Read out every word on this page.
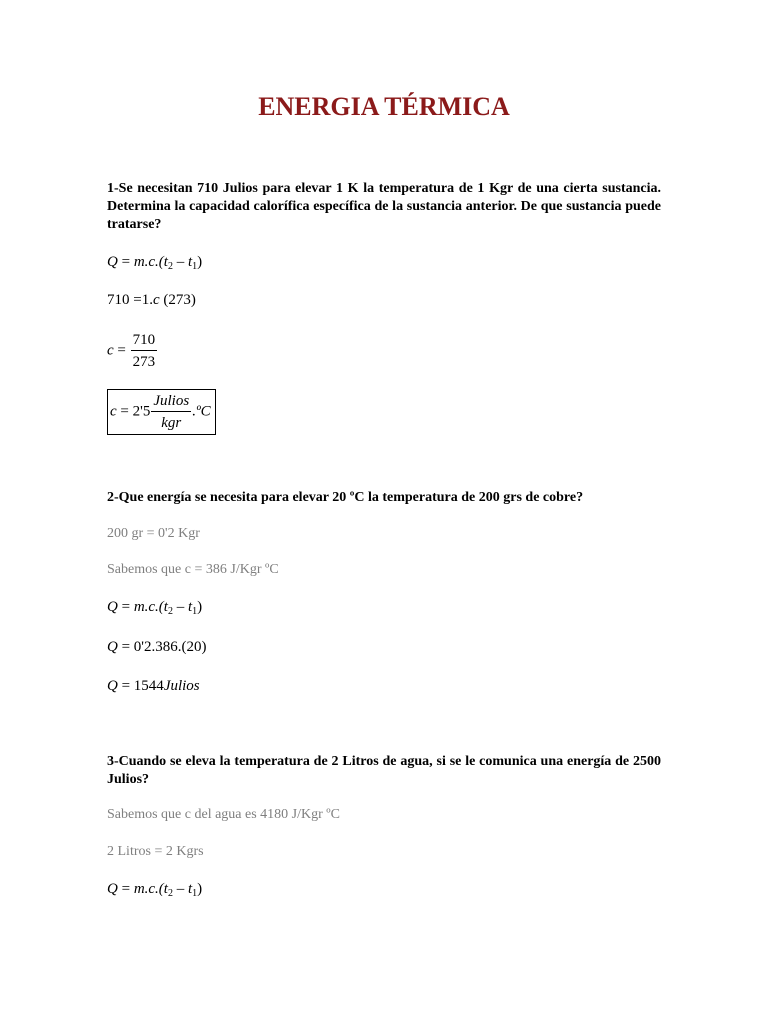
ENERGIA TÉRMICA
1-Se necesitan 710 Julios para elevar 1 K la temperatura de 1 Kgr de una cierta sustancia. Determina la capacidad calorífica específica de la sustancia anterior. De que sustancia puede tratarse?
$Q = m.c.(t_2 - t_1)$
710 =1.c (273)
$c = \frac{710}{273}$
$c = 2'5 \frac{\text{Julios}}{\text{kgr}}$ .ºC
2-Que energía se necesita para elevar 20 ºC la temperatura de 200 grs de cobre?
200 gr = 0'2 Kgr
Sabemos que c = 386 J/Kgr ºC
$Q = m.c.(t_2 - t_1)$
Q = 0'2.386.(20)
Q = 1544Julios
3-Cuando se eleva la temperatura de 2 Litros de agua, si se le comunica una energía de 2500 Julios?
Sabemos que c del agua es 4180 J/Kgr ºC
2 Litros = 2 Kgrs
$Q = m.c.(t_2 - t_1)$
